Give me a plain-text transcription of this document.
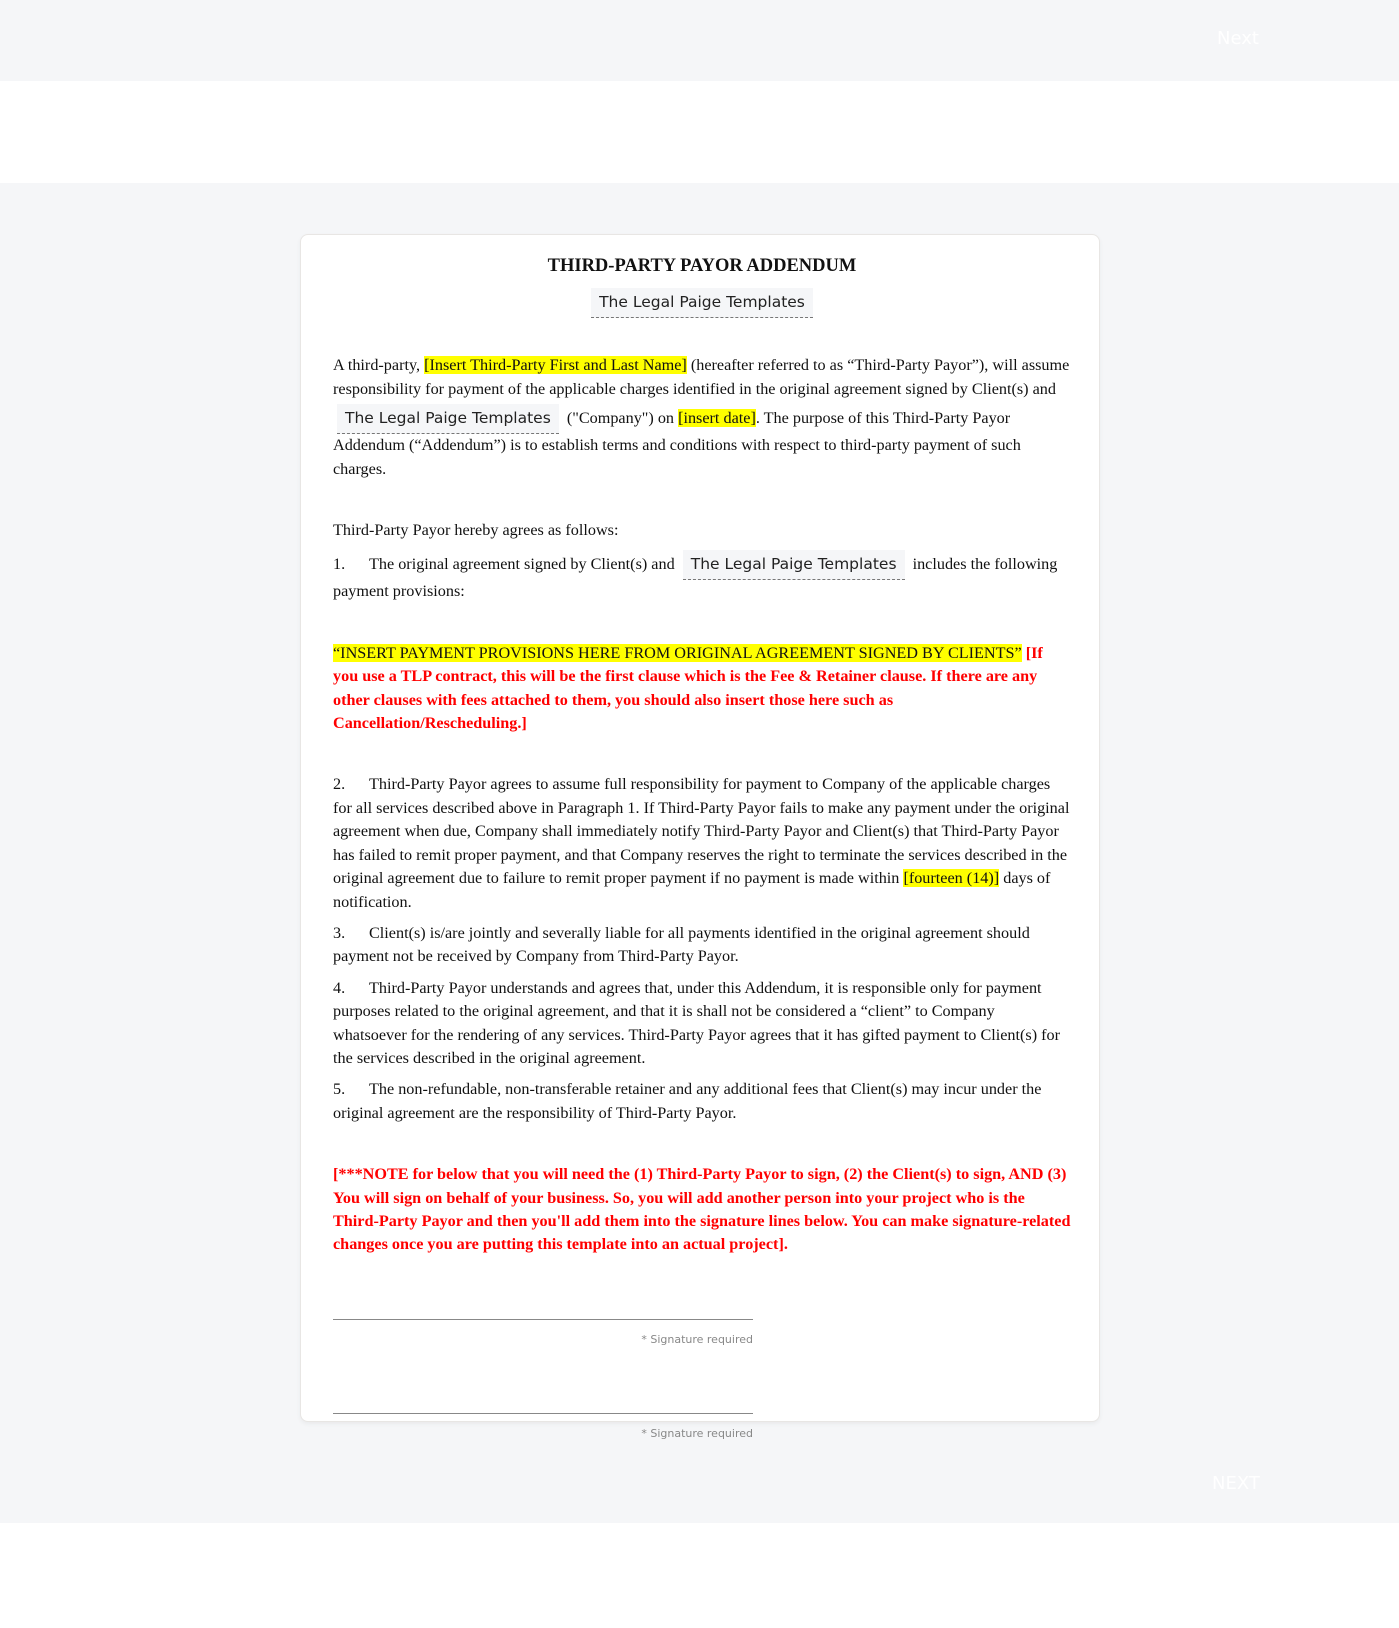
Next
THIRD-PARTY PAYOR ADDENDUM
The Legal Paige Templates

A third-party, [Insert Third-Party First and Last Name] (hereafter referred to as “Third-Party Payor”), will assume responsibility for payment of the applicable charges identified in the original agreement signed by Client(s) and The Legal Paige Templates ("Company") on [insert date]. The purpose of this Third-Party Payor Addendum (“Addendum”) is to establish terms and conditions with respect to third-party payment of such charges.

Third-Party Payor hereby agrees as follows:

1. The original agreement signed by Client(s) and The Legal Paige Templates includes the following payment provisions:

“INSERT PAYMENT PROVISIONS HERE FROM ORIGINAL AGREEMENT SIGNED BY CLIENTS” [If you use a TLP contract, this will be the first clause which is the Fee & Retainer clause. If there are any other clauses with fees attached to them, you should also insert those here such as Cancellation/Rescheduling.]

2. Third-Party Payor agrees to assume full responsibility for payment to Company of the applicable charges for all services described above in Paragraph 1. If Third-Party Payor fails to make any payment under the original agreement when due, Company shall immediately notify Third-Party Payor and Client(s) that Third-Party Payor has failed to remit proper payment, and that Company reserves the right to terminate the services described in the original agreement due to failure to remit proper payment if no payment is made within [fourteen (14)] days of notification.

3. Client(s) is/are jointly and severally liable for all payments identified in the original agreement should payment not be received by Company from Third-Party Payor.

4. Third-Party Payor understands and agrees that, under this Addendum, it is responsible only for payment purposes related to the original agreement, and that it is shall not be considered a “client” to Company whatsoever for the rendering of any services. Third-Party Payor agrees that it has gifted payment to Client(s) for the services described in the original agreement.

5. The non-refundable, non-transferable retainer and any additional fees that Client(s) may incur under the original agreement are the responsibility of Third-Party Payor.

[***NOTE for below that you will need the (1) Third-Party Payor to sign, (2) the Client(s) to sign, AND (3) You will sign on behalf of your business. So, you will add another person into your project who is the Third-Party Payor and then you'll add them into the signature lines below. You can make signature-related changes once you are putting this template into an actual project].

* Signature required
* Signature required
NEXT
